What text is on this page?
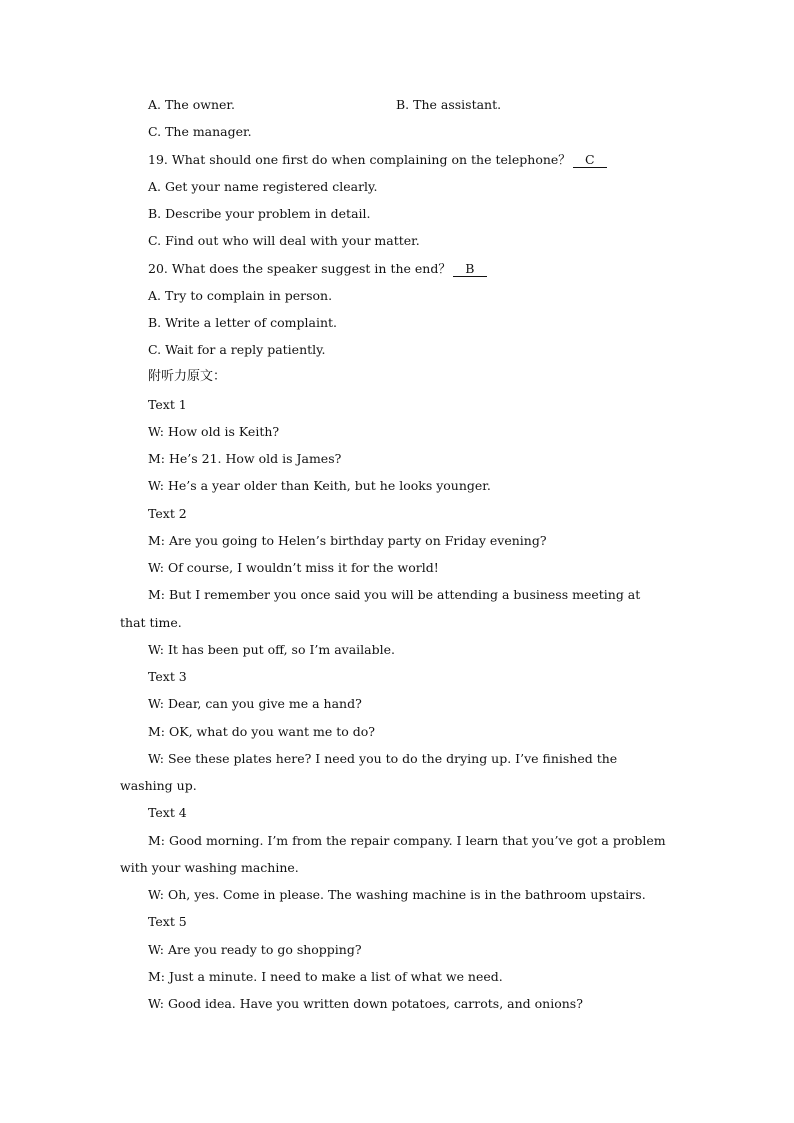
A. The owner.	B. The assistant.
C. The manager.
19. What should one first do when complaining on the telephone？ C
A. Get your name registered clearly.
B. Describe your problem in detail.
C. Find out who will deal with your matter.
20. What does the speaker suggest in the end？ B
A. Try to complain in person.
B. Write a letter of complaint.
C. Wait for a reply patiently.
附听力原文：
Text 1
W: How old is Keith?
M: He’s 21. How old is James?
W: He’s a year older than Keith, but he looks younger.
Text 2
M: Are you going to Helen’s birthday party on Friday evening?
W: Of course, I wouldn’t miss it for the world!
M: But I remember you once said you will be attending a business meeting at
that time.
W: It has been put off, so I’m available.
Text 3
W: Dear, can you give me a hand?
M: OK, what do you want me to do?
W: See these plates here? I need you to do the drying up. I’ve finished the
washing up.
Text 4
M: Good morning. I’m from the repair company. I learn that you’ve got a problem
with your washing machine.
W: Oh, yes. Come in please. The washing machine is in the bathroom upstairs.
Text 5
W: Are you ready to go shopping?
M: Just a minute. I need to make a list of what we need.
W: Good idea. Have you written down potatoes, carrots, and onions?
